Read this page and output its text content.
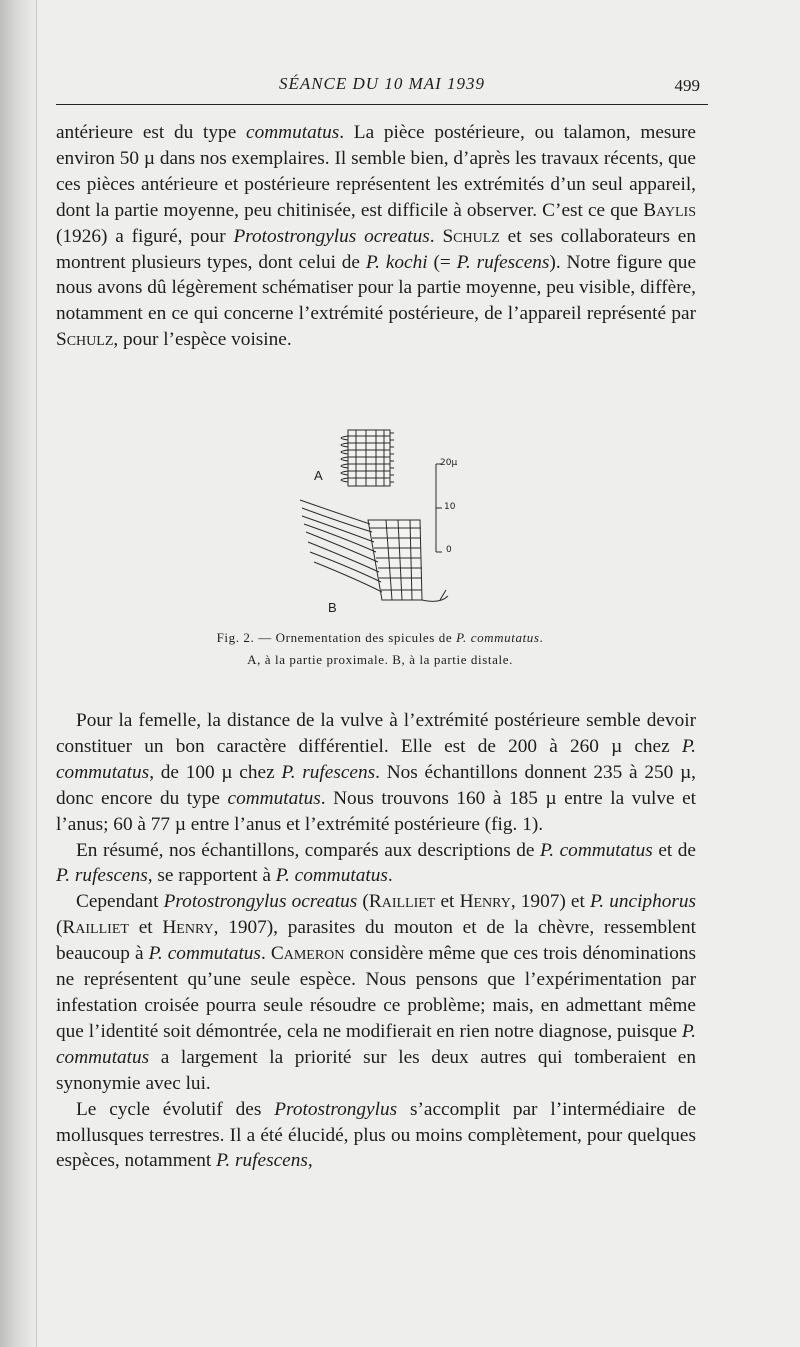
SÉANCE DU 10 MAI 1939	499

antérieure est du type commutatus. La pièce postérieure, ou talamon, mesure environ 50 µ dans nos exemplaires. Il semble bien, d’après les travaux récents, que ces pièces antérieure et postérieure représentent les extrémités d’un seul appareil, dont la partie moyenne, peu chitinisée, est difficile à observer. C’est ce que Baylis (1926) a figuré, pour Protostrongylus ocreatus. Schulz et ses collaborateurs en montrent plusieurs types, dont celui de P. kochi (= P. rufescens). Notre figure que nous avons dû légèrement schématiser pour la partie moyenne, peu visible, diffère, notamment en ce qui concerne l’extrémité postérieure, de l’appareil représenté par Schulz, pour l’espèce voisine.

A
B
20µ
10
0
Fig. 2. — Ornementation des spicules de P. commutatus.
A, à la partie proximale. B, à la partie distale.

Pour la femelle, la distance de la vulve à l’extrémité postérieure semble devoir constituer un bon caractère différentiel. Elle est de 200 à 260 µ chez P. commutatus, de 100 µ chez P. rufescens. Nos échantillons donnent 235 à 250 µ, donc encore du type commutatus. Nous trouvons 160 à 185 µ entre la vulve et l’anus; 60 à 77 µ entre l’anus et l’extrémité postérieure (fig. 1).

En résumé, nos échantillons, comparés aux descriptions de P. commutatus et de P. rufescens, se rapportent à P. commutatus.

Cependant Protostrongylus ocreatus (Railliet et Henry, 1907) et P. unciphorus (Railliet et Henry, 1907), parasites du mouton et de la chèvre, ressemblent beaucoup à P. commutatus. Cameron considère même que ces trois dénominations ne représentent qu’une seule espèce. Nous pensons que l’expérimentation par infestation croisée pourra seule résoudre ce problème; mais, en admettant même que l’identité soit démontrée, cela ne modifierait en rien notre diagnose, puisque P. commutatus a largement la priorité sur les deux autres qui tomberaient en synonymie avec lui.

Le cycle évolutif des Protostrongylus s’accomplit par l’intermédiaire de mollusques terrestres. Il a été élucidé, plus ou moins complètement, pour quelques espèces, notamment P. rufescens,
